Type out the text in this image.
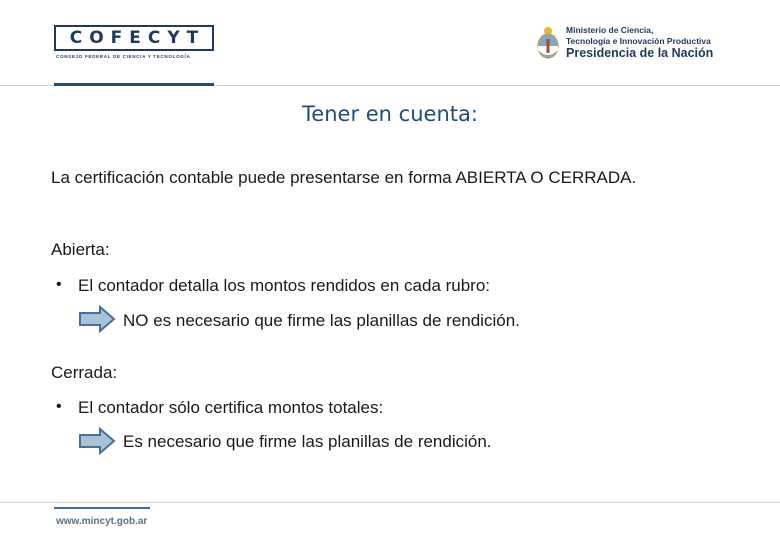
COFECYT
CONSEJO FEDERAL DE CIENCIA Y TECNOLOGÍA
Ministerio de Ciencia,
Tecnología e Innovación Productiva
Presidencia de la Nación
Tener en cuenta:
La certificación contable puede presentarse en forma ABIERTA O CERRADA.
Abierta:
• El contador detalla los montos rendidos en cada rubro:
NO es necesario que firme las planillas de rendición.
Cerrada:
• El contador sólo certifica montos totales:
Es necesario que firme las planillas de rendición.
www.mincyt.gob.ar
